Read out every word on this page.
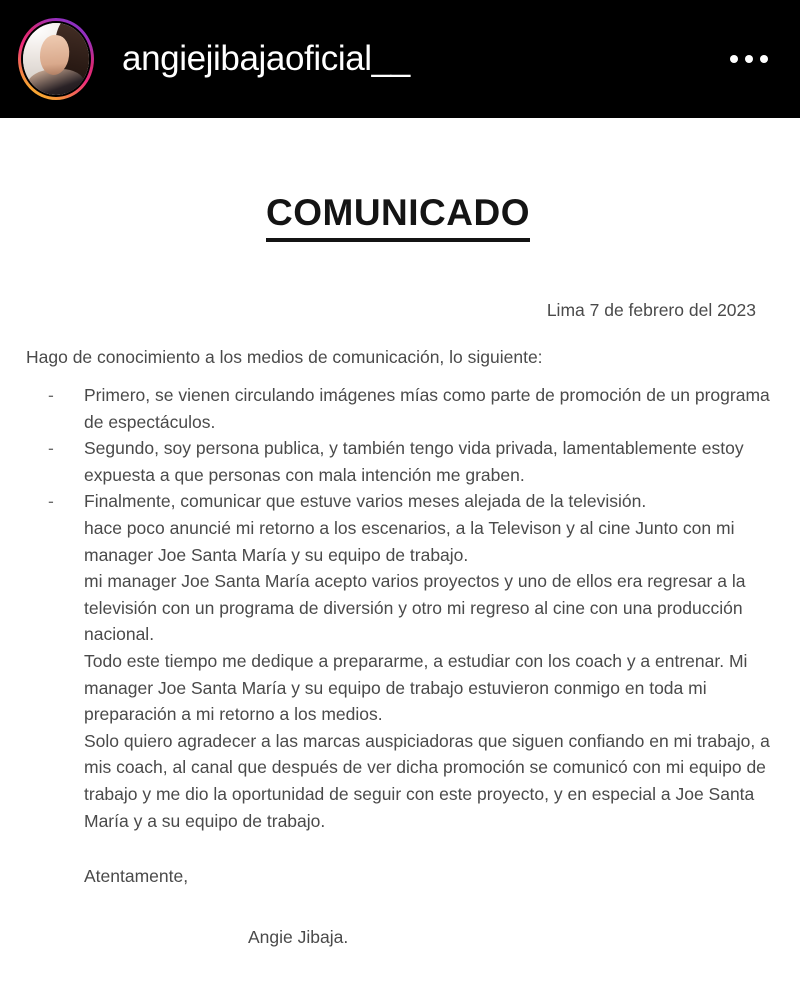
angiejibajaoficial__
COMUNICADO
Lima 7 de febrero del 2023
Hago de conocimiento a los medios de comunicación, lo siguiente:
-	Primero, se vienen circulando imágenes mías como parte de promoción de un programa de espectáculos.
-	Segundo, soy persona publica, y también tengo vida privada, lamentablemente estoy expuesta a que personas con mala intención me graben.
-	Finalmente, comunicar que estuve varios meses alejada de la televisión.

hace poco anuncié mi retorno a los escenarios, a la Televison y al cine Junto con mi manager Joe Santa María y su equipo de trabajo.

mi manager Joe Santa María acepto varios proyectos y uno de ellos era regresar a la televisión con un programa de diversión y otro mi regreso al cine con una producción nacional.

Todo este tiempo me dedique a prepararme, a estudiar con los coach y a entrenar. Mi manager Joe Santa María y su equipo de trabajo estuvieron conmigo en toda mi preparación a mi retorno a los medios.

Solo quiero agradecer a las marcas auspiciadoras que siguen confiando en mi trabajo, a mis coach, al canal que después de ver dicha promoción se comunicó con mi equipo de trabajo y me dio la oportunidad de seguir con este proyecto, y en especial a Joe Santa María y a su equipo de trabajo.

Atentamente,
Angie Jibaja.
